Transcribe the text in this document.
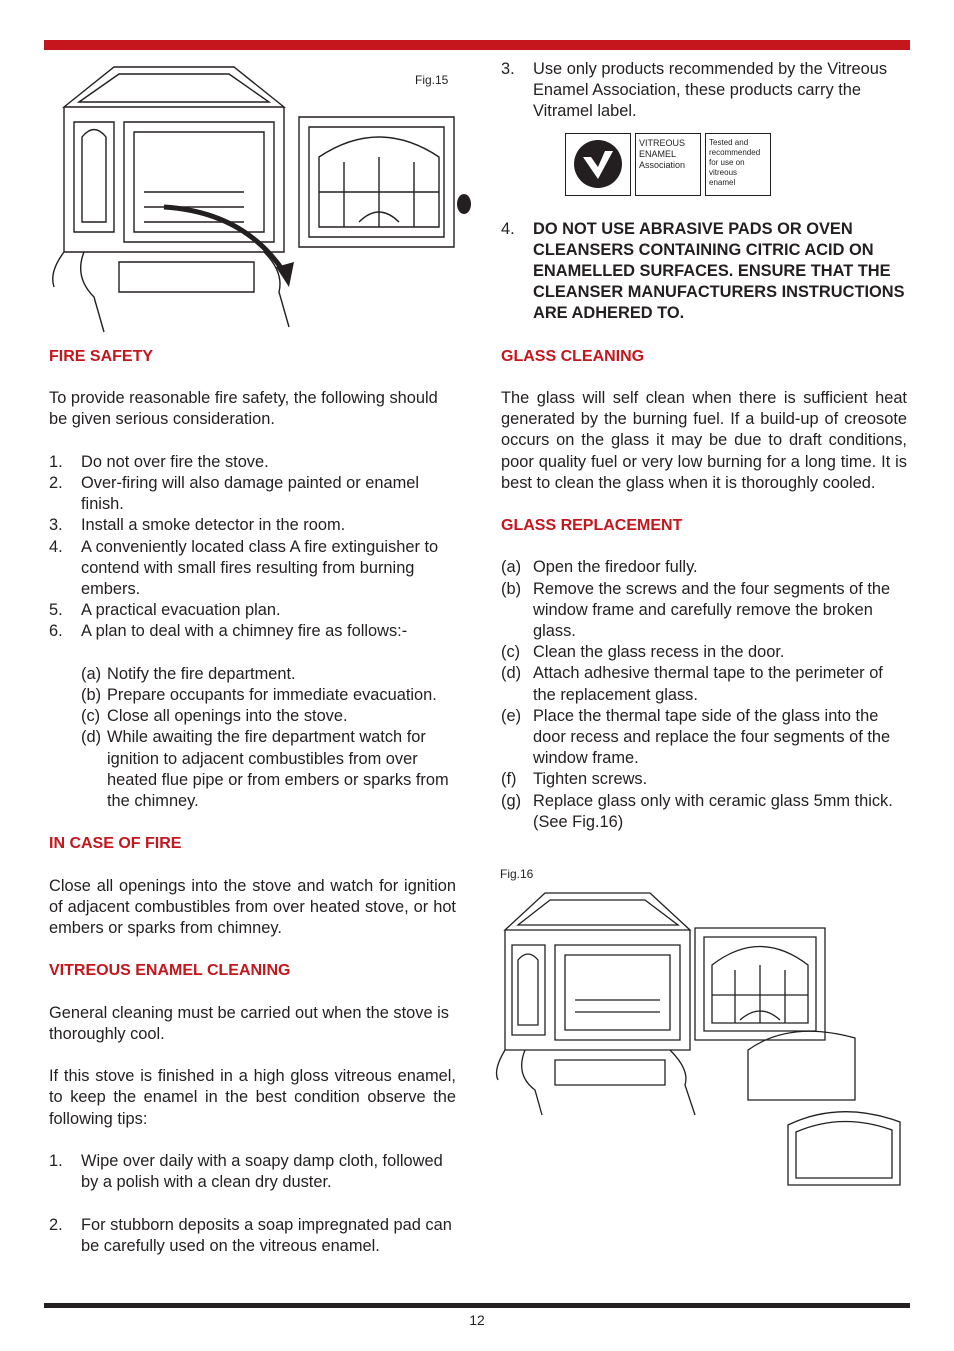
Fig.15
FIRE SAFETY

To provide reasonable fire safety, the following should be given serious consideration.

1. Do not over fire the stove.
2. Over-firing will also damage painted or enamel finish.
3. Install a smoke detector in the room.
4. A conveniently located class A fire extinguisher to contend with small fires resulting from burning embers.
5. A practical evacuation plan.
6. A plan to deal with a chimney fire as follows:-
(a) Notify the fire department.
(b) Prepare occupants for immediate evacuation.
(c) Close all openings into the stove.
(d) While awaiting the fire department watch for ignition to adjacent combustibles from over heated flue pipe or from embers or sparks from the chimney.
IN CASE OF FIRE

Close all openings into the stove and watch for ignition of adjacent combustibles from over heated stove, or hot embers or sparks from chimney.

VITREOUS ENAMEL CLEANING

General cleaning must be carried out when the stove is thoroughly cool.

If this stove is finished in a high gloss vitreous enamel, to keep the enamel in the best condition observe the following tips:

1. Wipe over daily with a soapy damp cloth, followed by a polish with a clean dry duster.
2. For stubborn deposits a soap impregnated pad can be carefully used on the vitreous enamel.
3. Use only products recommended by the Vitreous Enamel Association, these products carry the Vitramel label.
VITREOUS
ENAMEL
Association
Tested and
recommended
for use on
vitreous
enamel
4. DO NOT USE ABRASIVE PADS OR OVEN CLEANSERS CONTAINING CITRIC ACID ON ENAMELLED SURFACES. ENSURE THAT THE CLEANSER MANUFACTURERS INSTRUCTIONS ARE ADHERED TO.
GLASS CLEANING

The glass will self clean when there is sufficient heat generated by the burning fuel. If a build-up of creosote occurs on the glass it may be due to draft conditions, poor quality fuel or very low burning for a long time. It is best to clean the glass when it is thoroughly cooled.

GLASS REPLACEMENT
(a) Open the firedoor fully.
(b) Remove the screws and the four segments of the window frame and carefully remove the broken glass.
(c) Clean the glass recess in the door.
(d) Attach adhesive thermal tape to the perimeter of the replacement glass.
(e) Place the thermal tape side of the glass into the door recess and replace the four segments of the window frame.
(f) Tighten screws.
(g) Replace glass only with ceramic glass 5mm thick. (See Fig.16)
Fig.16
12
